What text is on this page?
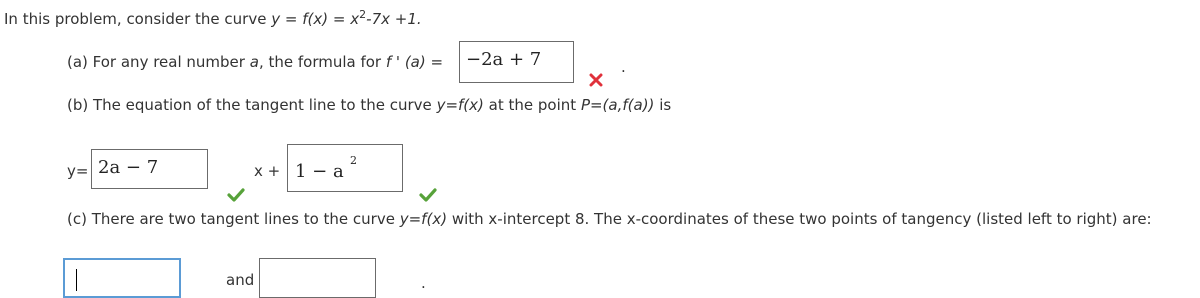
In this problem, consider the curve $y = f(x) = x^2-7x +1$.
(a) For any real number a, the formula for f ' (a) = −2a + 7	.
(b) The equation of the tangent line to the curve y=f(x) at the point P=(a,f(a)) is
y= 2a − 7	x + 1 − a
2
(c) There are two tangent lines to the curve y=f(x) with x-intercept 8. The x-coordinates of these two points of tangency (listed left to right) are:
and	.
